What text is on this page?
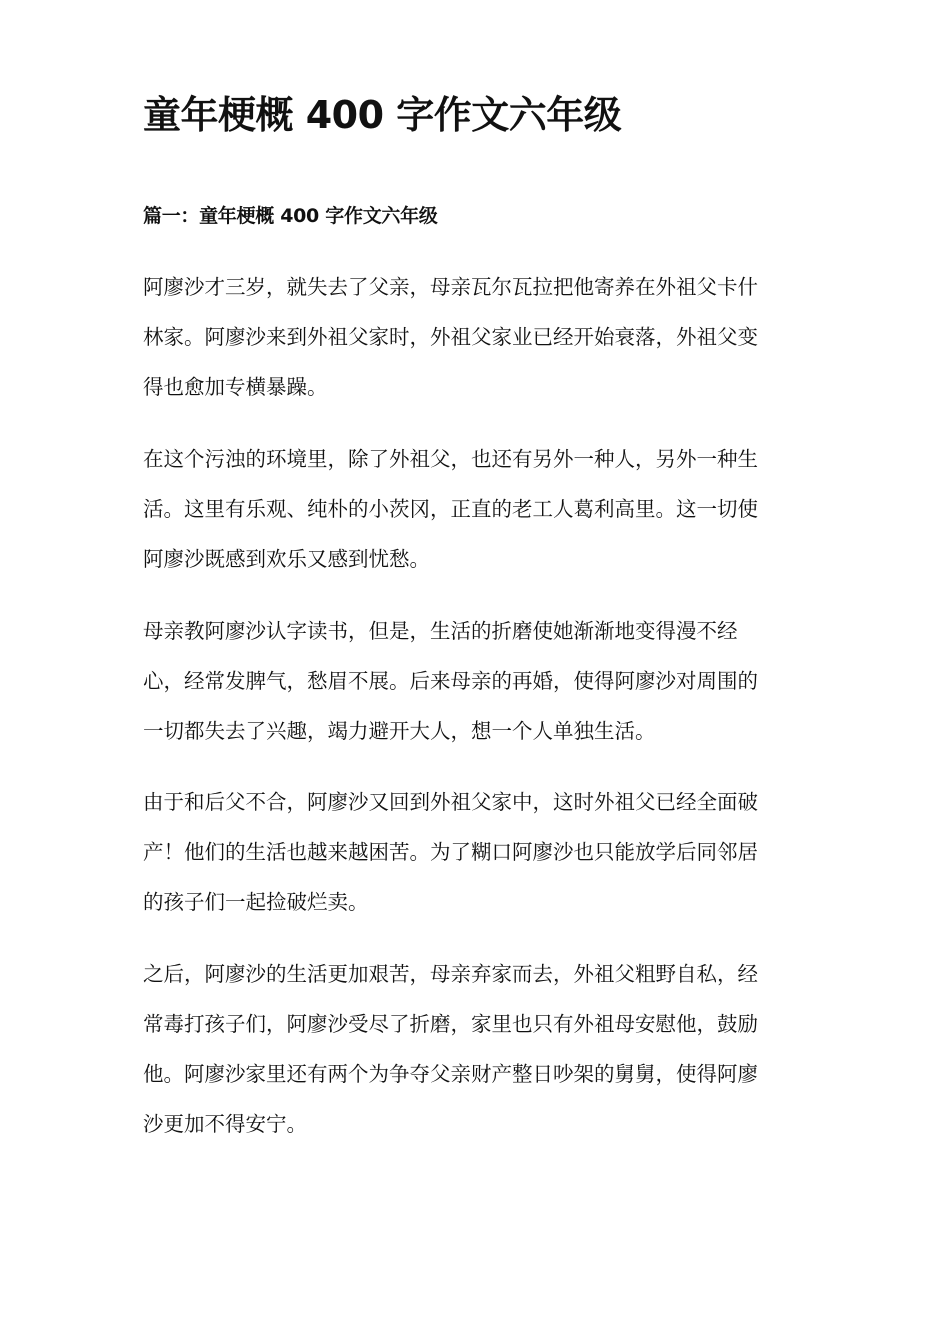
童年梗概 400 字作文六年级
篇一：童年梗概 400 字作文六年级
阿廖沙才三岁，就失去了父亲，母亲瓦尔瓦拉把他寄养在外祖父卡什
林家。阿廖沙来到外祖父家时，外祖父家业已经开始衰落，外祖父变
得也愈加专横暴躁。
在这个污浊的环境里，除了外祖父，也还有另外一种人，另外一种生
活。这里有乐观、纯朴的小茨冈，正直的老工人葛利高里。这一切使
阿廖沙既感到欢乐又感到忧愁。
母亲教阿廖沙认字读书，但是，生活的折磨使她渐渐地变得漫不经
心，经常发脾气，愁眉不展。后来母亲的再婚，使得阿廖沙对周围的
一切都失去了兴趣，竭力避开大人，想一个人单独生活。
由于和后父不合，阿廖沙又回到外祖父家中，这时外祖父已经全面破
产！他们的生活也越来越困苦。为了糊口阿廖沙也只能放学后同邻居
的孩子们一起捡破烂卖。
之后，阿廖沙的生活更加艰苦，母亲弃家而去，外祖父粗野自私，经
常毒打孩子们，阿廖沙受尽了折磨，家里也只有外祖母安慰他，鼓励
他。阿廖沙家里还有两个为争夺父亲财产整日吵架的舅舅，使得阿廖
沙更加不得安宁。
